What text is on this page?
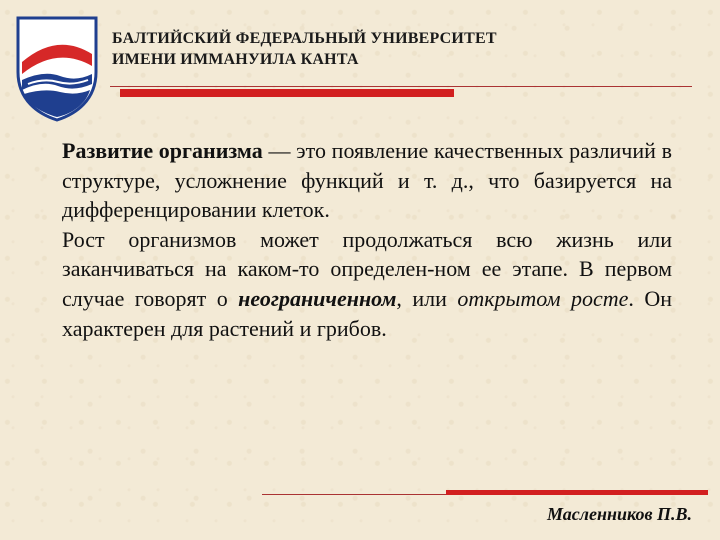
БАЛТИЙСКИЙ ФЕДЕРАЛЬНЫЙ УНИВЕРСИТЕТ
ИМЕНИ ИММАНУИЛА КАНТА

Развитие организма — это появление качественных различий в структуре, усложнение функций и т. д., что базируется на дифференцировании клеток.

Рост организмов может продолжаться всю жизнь или заканчиваться на каком-то определен-ном ее этапе. В первом случае говорят о неограниченном, или открытом росте. Он характерен для растений и грибов.

Масленников П.В.
